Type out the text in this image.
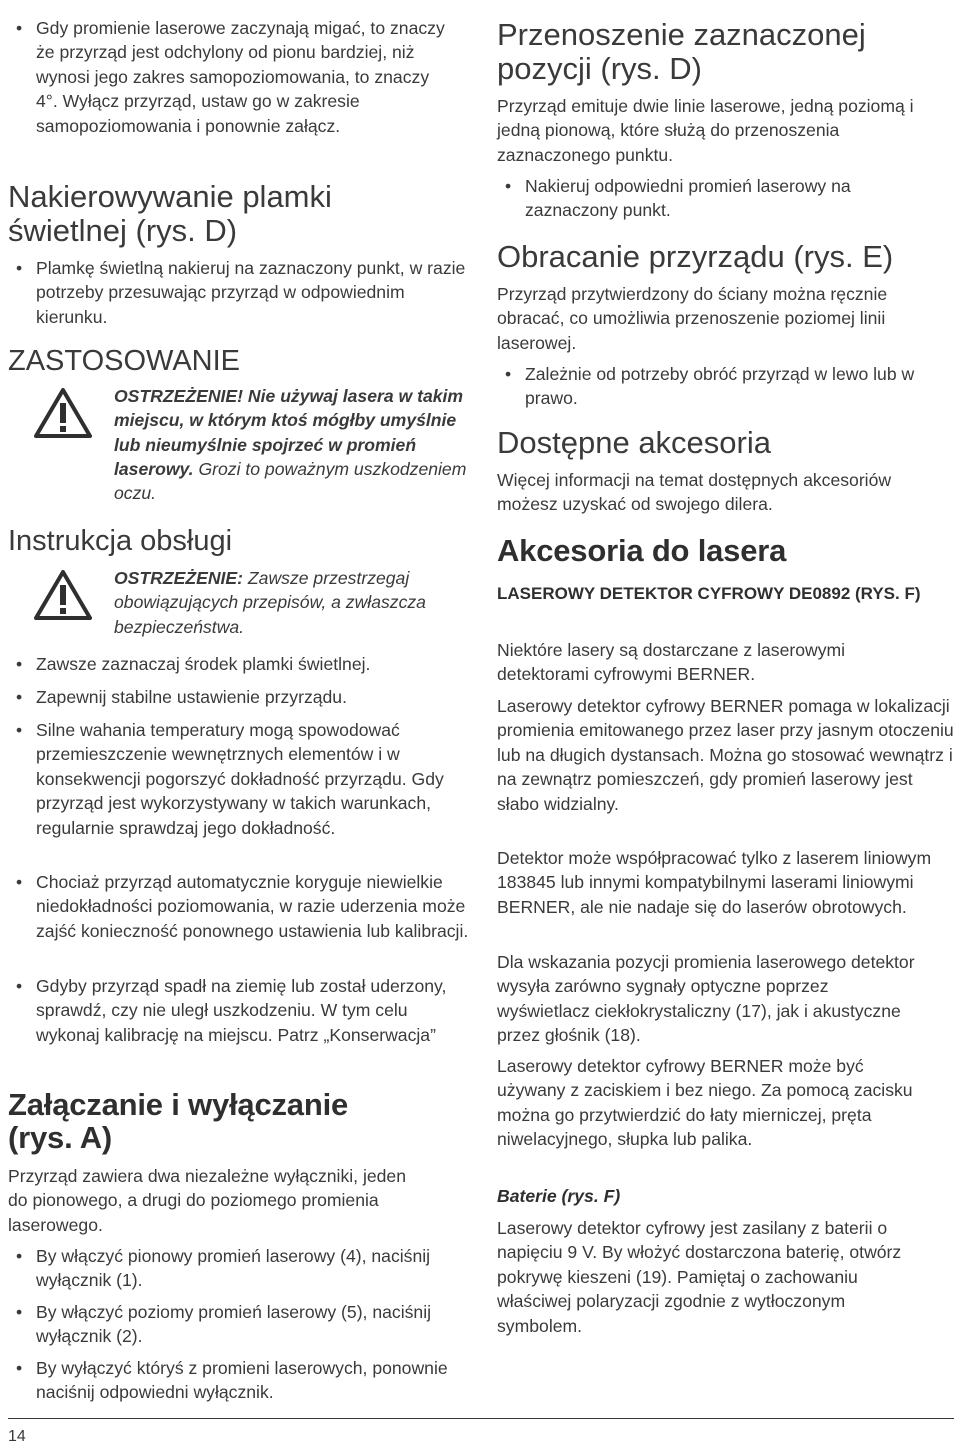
• Gdy promienie laserowe zaczynają migać, to znaczy że przyrząd jest odchylony od pionu bardziej, niż wynosi jego zakres samopoziomowania, to znaczy 4°. Wyłącz przyrząd, ustaw go w zakresie samopoziomowania i ponownie załącz.
Nakierowywanie plamki świetlnej (rys. D)
• Plamkę świetlną nakieruj na zaznaczony punkt, w razie potrzeby przesuwając przyrząd w odpowiednim kierunku.
ZASTOSOWANIE
OSTRZEŻENIE! Nie używaj lasera w takim miejscu, w którym ktoś mógłby umyślnie lub nieumyślnie spojrzeć w promień laserowy. Grozi to poważnym uszkodzeniem oczu.
Instrukcja obsługi
OSTRZEŻENIE: Zawsze przestrzegaj obowiązujących przepisów, a zwłaszcza bezpieczeństwa.
• Zawsze zaznaczaj środek plamki świetlnej.
• Zapewnij stabilne ustawienie przyrządu.
• Silne wahania temperatury mogą spowodować przemieszczenie wewnętrznych elementów i w konsekwencji pogorszyć dokładność przyrządu. Gdy przyrząd jest wykorzystywany w takich warunkach, regularnie sprawdzaj jego dokładność.
• Chociaż przyrząd automatycznie koryguje niewielkie niedokładności poziomowania, w razie uderzenia może zajść konieczność ponownego ustawienia lub kalibracji.
• Gdyby przyrząd spadł na ziemię lub został uderzony, sprawdź, czy nie uległ uszkodzeniu. W tym celu wykonaj kalibrację na miejscu. Patrz „Konserwacja”
Załączanie i wyłączanie (rys. A)

Przyrząd zawiera dwa niezależne wyłączniki, jeden do pionowego, a drugi do poziomego promienia laserowego.

• By włączyć pionowy promień laserowy (4), naciśnij wyłącznik (1).
• By włączyć poziomy promień laserowy (5), naciśnij wyłącznik (2).
• By wyłączyć któryś z promieni laserowych, ponownie naciśnij odpowiedni wyłącznik.
Przenoszenie zaznaczonej pozycji (rys. D)

Przyrząd emituje dwie linie laserowe, jedną poziomą i jedną pionową, które służą do przenoszenia zaznaczonego punktu.

• Nakieruj odpowiedni promień laserowy na zaznaczony punkt.
Obracanie przyrządu (rys. E)

Przyrząd przytwierdzony do ściany można ręcznie obracać, co umożliwia przenoszenie poziomej linii laserowej.

• Zależnie od potrzeby obróć przyrząd w lewo lub w prawo.
Dostępne akcesoria

Więcej informacji na temat dostępnych akcesoriów możesz uzyskać od swojego dilera.

Akcesoria do lasera
LASEROWY DETEKTOR CYFROWY DE0892 (RYS. F)

Niektóre lasery są dostarczane z laserowymi detektorami cyfrowymi BERNER.

Laserowy detektor cyfrowy BERNER pomaga w lokalizacji promienia emitowanego przez laser przy jasnym otoczeniu lub na długich dystansach. Można go stosować wewnątrz i na zewnątrz pomieszczeń, gdy promień laserowy jest słabo widzialny.

Detektor może współpracować tylko z laserem liniowym 183845 lub innymi kompatybilnymi laserami liniowymi BERNER, ale nie nadaje się do laserów obrotowych.

Dla wskazania pozycji promienia laserowego detektor wysyła zarówno sygnały optyczne poprzez wyświetlacz ciekłokrystaliczny (17), jak i akustyczne przez głośnik (18).

Laserowy detektor cyfrowy BERNER może być używany z zaciskiem i bez niego. Za pomocą zacisku można go przytwierdzić do łaty mierniczej, pręta niwelacyjnego, słupka lub palika.

Baterie (rys. F)

Laserowy detektor cyfrowy jest zasilany z baterii o napięciu 9 V. By włożyć dostarczona baterię, otwórz pokrywę kieszeni (19). Pamiętaj o zachowaniu właściwej polaryzacji zgodnie z wytłoczonym symbolem.

14
